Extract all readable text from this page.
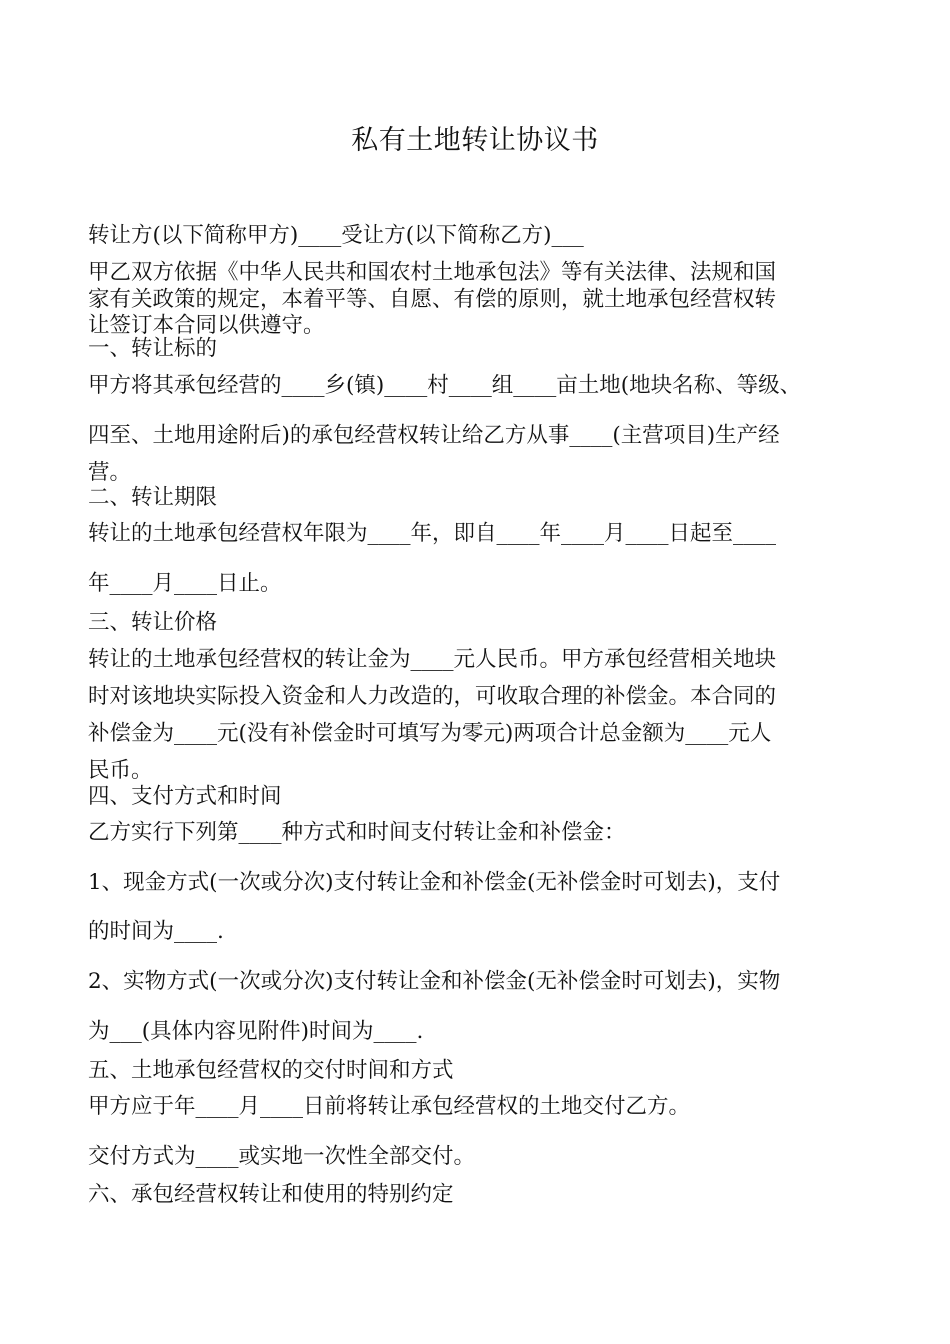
私有土地转让协议书

转让方(以下简称甲方)____受让方(以下简称乙方)___

甲乙双方依据《中华人民共和国农村土地承包法》等有关法律、法规和国

家有关政策的规定，本着平等、自愿、有偿的原则，就土地承包经营权转

让签订本合同以供遵守。

一、转让标的

甲方将其承包经营的____乡(镇)____村____组____亩土地(地块名称、等级、

四至、土地用途附后)的承包经营权转让给乙方从事____(主营项目)生产经

营。

二、转让期限

转让的土地承包经营权年限为____年，即自____年____月____日起至____

年____月____日止。

三、转让价格

转让的土地承包经营权的转让金为____元人民币。甲方承包经营相关地块

时对该地块实际投入资金和人力改造的，可收取合理的补偿金。本合同的

补偿金为____元(没有补偿金时可填写为零元)两项合计总金额为____元人

民币。

四、支付方式和时间

乙方实行下列第____种方式和时间支付转让金和补偿金：

1、现金方式(一次或分次)支付转让金和补偿金(无补偿金时可划去)，支付

的时间为____.

2、实物方式(一次或分次)支付转让金和补偿金(无补偿金时可划去)，实物

为___(具体内容见附件)时间为____.

五、土地承包经营权的交付时间和方式

甲方应于年____月____日前将转让承包经营权的土地交付乙方。

交付方式为____或实地一次性全部交付。

六、承包经营权转让和使用的特别约定
